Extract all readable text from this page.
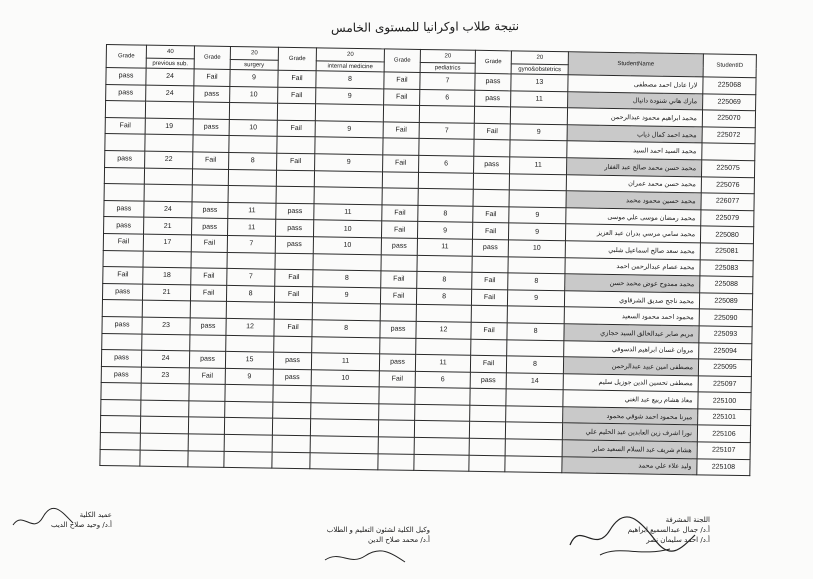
نتيجة طلاب اوكرانيا للمستوى الخامس
Grade	40	Grade	20	Grade	20	Grade	20	Grade	20	StudentName	StudentID
	previous sub.		surgery		internal medicine		pediatrics		gyno&obstetrics		
pass	24	Fail	9	Fail	8	Fail	7	pass	13	لارا عادل احمد مصطفى	225068
pass	24	pass	10	Fail	9	Fail	6	pass	11	مارك هاني شنودة دانيال	225069
										محمد ابراهيم محمود عبدالرحمن	225070
Fail	19	pass	10	Fail	9	Fail	7	Fail	9	محمد احمد كمال ذياب	225072
										محمد السيد احمد السيد	
pass	22	Fail	8	Fail	9	Fail	6	pass	11	محمد حسن محمد صالح عبد الغفار	225075
										محمد حسن محمد عمران	225076
										محمد حسين محمود محمد	226077
pass	24	pass	11	pass	11	Fail	8	Fail	9	محمد رمضان موسى علي موسى	225079
pass	21	pass	11	pass	10	Fail	9	Fail	9	محمد سامي مرسي بدران عبد العزيز	225080
Fail	17	Fail	7	pass	10	pass	11	pass	10	محمد سعد صالح اسماعيل شلبي	225081
										محمد عصام عبدالرحمن احمد	225083
Fail	18	Fail	7	Fail	8	Fail	8	Fail	8	محمد ممدوح عوض محمد حسن	225088
pass	21	Fail	8	Fail	9	Fail	8	Fail	9	محمد ناجح صديق الشرقاوي	225089
										محمود احمد محمود السعيد	225090
pass	23	pass	12	Fail	8	pass	12	Fail	8	مريم صابر عبدالخالق السيد حجازي	225093
										مروان غسان ابراهيم الدسوقي	225094
pass	24	pass	15	pass	11	pass	11	Fail	8	مصطفى امين عبيد عبدالرحمن	225095
pass	23	Fail	9	pass	10	Fail	6	pass	14	مصطفى تحسين الدين جوزيل سليم	225097
										معاذ هشام ربيع عبد الغني	225100
										ميرنا محمود احمد شوقي محمود	225101
										نورا اشرف زين العابدين عبد الحليم علي	225106
										هشام شريف عبد السلام السعيد صابر	225107
										وليد علاء علي محمد	225108
عميد الكلية
أ.د/ وحيد صلاح الديب
وكيل الكلية لشئون التعليم و الطلاب
أ.د/ محمد صلاح الدين
اللجنة المشرفة
أ.د/ جمال عبدالسميع ابراهيم
أ.د/ احمد سليمان نصر
